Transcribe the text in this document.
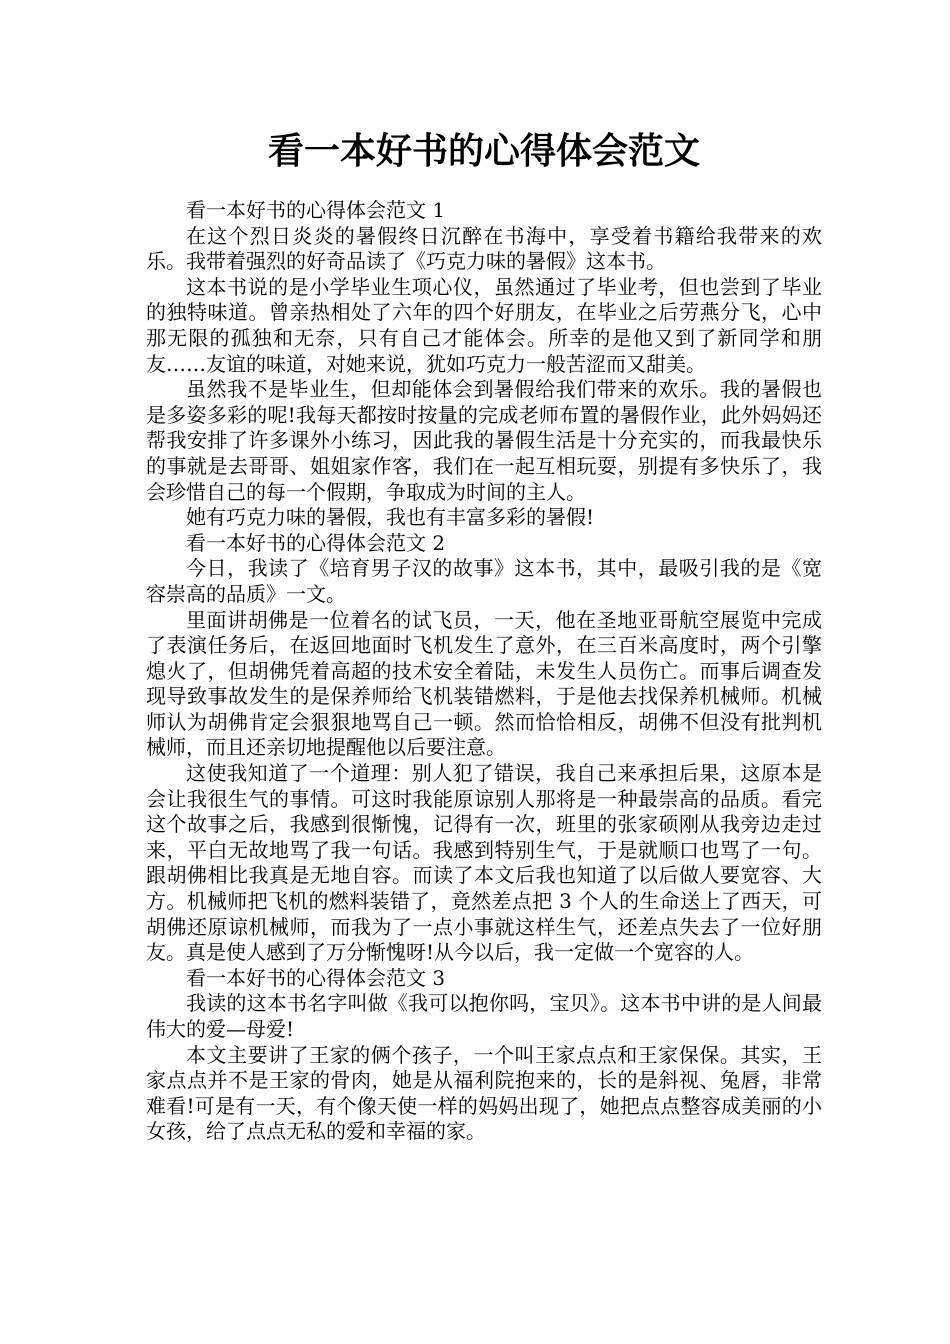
看一本好书的心得体会范文

看一本好书的心得体会范文 1

在这个烈日炎炎的暑假终日沉醉在书海中，享受着书籍给我带来的欢乐。我带着强烈的好奇品读了《巧克力味的暑假》这本书。

这本书说的是小学毕业生项心仪，虽然通过了毕业考，但也尝到了毕业的独特味道。曾亲热相处了六年的四个好朋友，在毕业之后劳燕分飞，心中那无限的孤独和无奈，只有自己才能体会。所幸的是他又到了新同学和朋友……友谊的味道，对她来说，犹如巧克力一般苦涩而又甜美。

虽然我不是毕业生，但却能体会到暑假给我们带来的欢乐。我的暑假也是多姿多彩的呢!我每天都按时按量的完成老师布置的暑假作业，此外妈妈还帮我安排了许多课外小练习，因此我的暑假生活是十分充实的，而我最快乐的事就是去哥哥、姐姐家作客，我们在一起互相玩耍，别提有多快乐了，我会珍惜自己的每一个假期，争取成为时间的主人。

她有巧克力味的暑假，我也有丰富多彩的暑假!

看一本好书的心得体会范文 2

今日，我读了《培育男子汉的故事》这本书，其中，最吸引我的是《宽容崇高的品质》一文。

里面讲胡佛是一位着名的试飞员，一天，他在圣地亚哥航空展览中完成了表演任务后，在返回地面时飞机发生了意外，在三百米高度时，两个引擎熄火了，但胡佛凭着高超的技术安全着陆，未发生人员伤亡。而事后调查发现导致事故发生的是保养师给飞机装错燃料，于是他去找保养机械师。机械师认为胡佛肯定会狠狠地骂自己一顿。然而恰恰相反，胡佛不但没有批判机械师，而且还亲切地提醒他以后要注意。

这使我知道了一个道理：别人犯了错误，我自己来承担后果，这原本是会让我很生气的事情。可这时我能原谅别人那将是一种最崇高的品质。看完这个故事之后，我感到很惭愧，记得有一次，班里的张家硕刚从我旁边走过来，平白无故地骂了我一句话。我感到特别生气，于是就顺口也骂了一句。跟胡佛相比我真是无地自容。而读了本文后我也知道了以后做人要宽容、大方。机械师把飞机的燃料装错了，竟然差点把 3 个人的生命送上了西天，可胡佛还原谅机械师，而我为了一点小事就这样生气，还差点失去了一位好朋友。真是使人感到了万分惭愧呀!从今以后，我一定做一个宽容的人。

看一本好书的心得体会范文 3

我读的这本书名字叫做《我可以抱你吗，宝贝》。这本书中讲的是人间最伟大的爱—母爱!

本文主要讲了王家的俩个孩子，一个叫王家点点和王家保保。其实，王家点点并不是王家的骨肉，她是从福利院抱来的，长的是斜视、兔唇，非常难看!可是有一天，有个像天使一样的妈妈出现了，她把点点整容成美丽的小女孩，给了点点无私的爱和幸福的家。
